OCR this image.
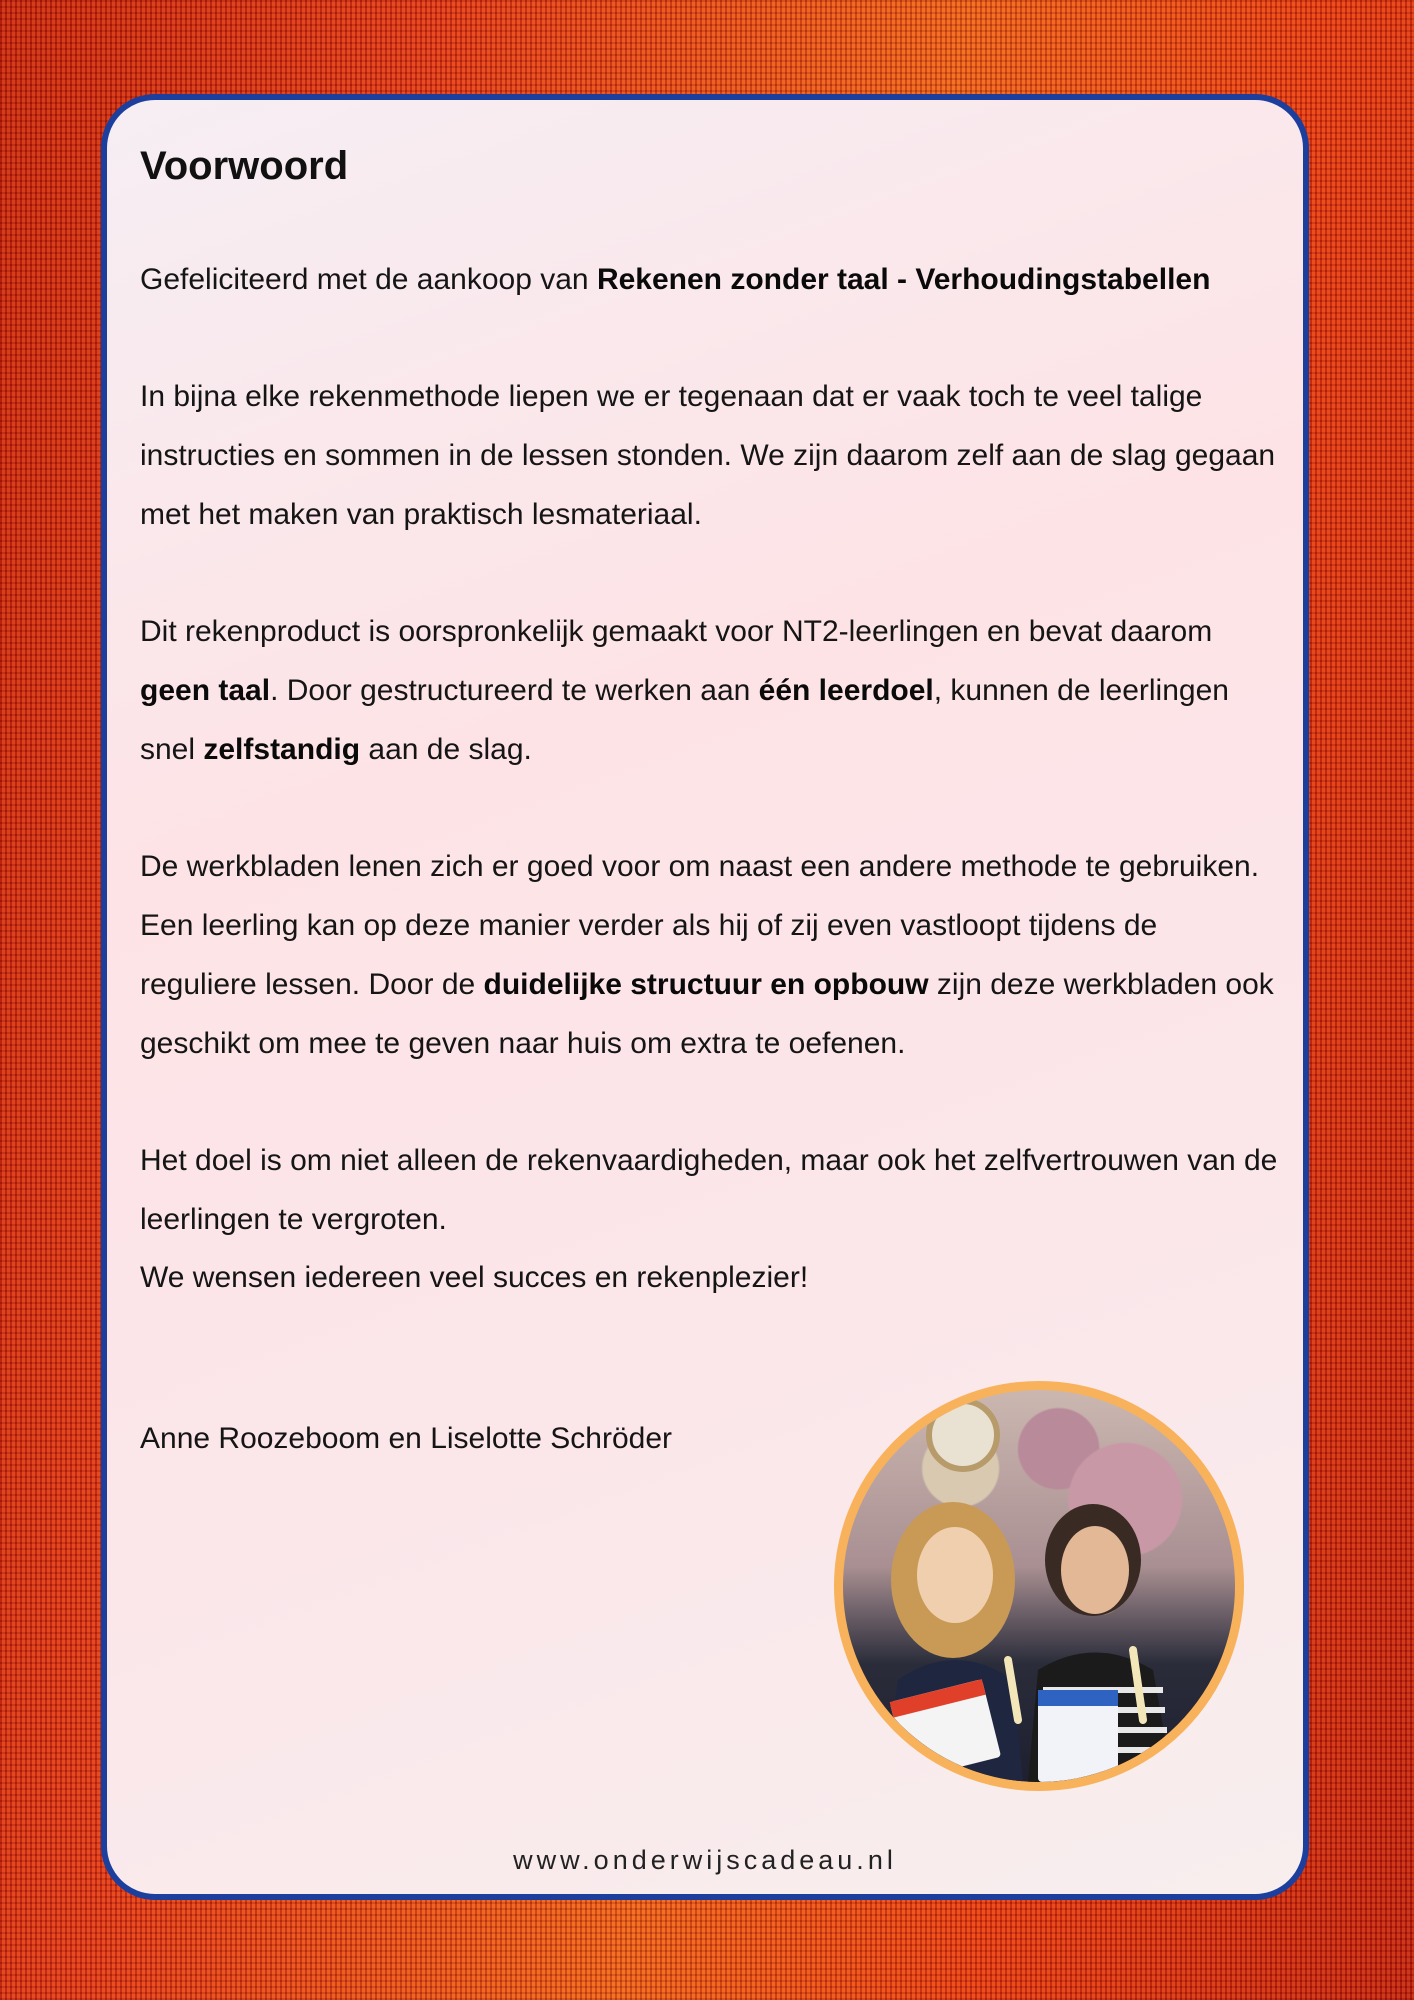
Voorwoord

Gefeliciteerd met de aankoop van Rekenen zonder taal - Verhoudingstabellen

In bijna elke rekenmethode liepen we er tegenaan dat er vaak toch te veel talige instructies en sommen in de lessen stonden. We zijn daarom zelf aan de slag gegaan met het maken van praktisch lesmateriaal.

Dit rekenproduct is oorspronkelijk gemaakt voor NT2-leerlingen en bevat daarom geen taal. Door gestructureerd te werken aan één leerdoel, kunnen de leerlingen snel zelfstandig aan de slag.

De werkbladen lenen zich er goed voor om naast een andere methode te gebruiken. Een leerling kan op deze manier verder als hij of zij even vastloopt tijdens de reguliere lessen. Door de duidelijke structuur en opbouw zijn deze werkbladen ook geschikt om mee te geven naar huis om extra te oefenen.

Het doel is om niet alleen de rekenvaardigheden, maar ook het zelfvertrouwen van de leerlingen te vergroten.

We wensen iedereen veel succes en rekenplezier!

Anne Roozeboom en Liselotte Schröder

www.onderwijscadeau.nl
